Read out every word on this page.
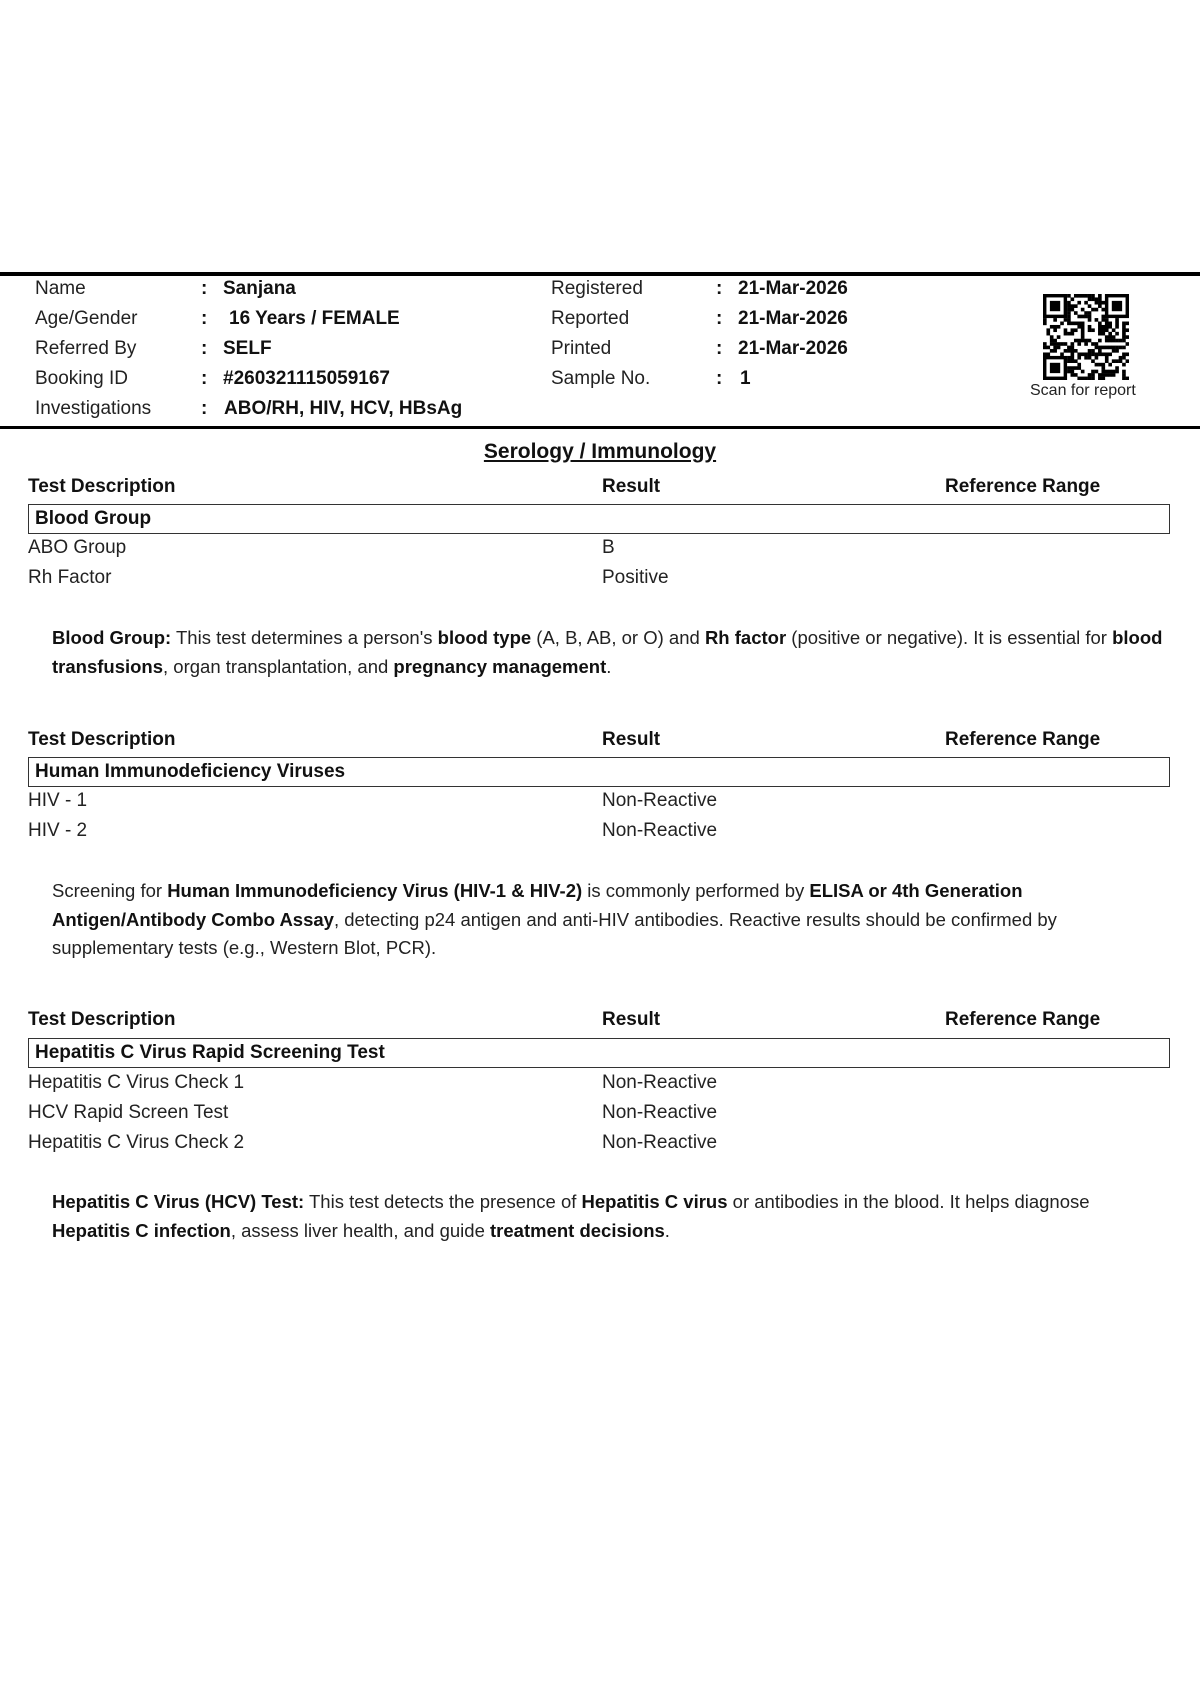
Name	: Sanjana
Age/Gender	: 16 Years / FEMALE
Referred By	: SELF
Booking ID	: #260321115059167
Investigations	: ABO/RH, HIV, HCV, HBsAg
Registered	: 21-Mar-2026
Reported	: 21-Mar-2026
Printed	: 21-Mar-2026
Sample No.	: 1
Scan for report
Serology / Immunology
Test Description	Result	Reference Range
Blood Group
ABO Group	B
Rh Factor	Positive
Blood Group: This test determines a person's blood type (A, B, AB, or O) and Rh factor (positive or negative). It is essential for blood transfusions, organ transplantation, and pregnancy management.
Test Description	Result	Reference Range
Human Immunodeficiency Viruses
HIV - 1	Non-Reactive
HIV - 2	Non-Reactive
Screening for Human Immunodeficiency Virus (HIV-1 & HIV-2) is commonly performed by ELISA or 4th Generation Antigen/Antibody Combo Assay, detecting p24 antigen and anti-HIV antibodies. Reactive results should be confirmed by supplementary tests (e.g., Western Blot, PCR).
Test Description	Result	Reference Range
Hepatitis C Virus Rapid Screening Test
Hepatitis C Virus Check 1	Non-Reactive
HCV Rapid Screen Test	Non-Reactive
Hepatitis C Virus Check 2	Non-Reactive
Hepatitis C Virus (HCV) Test: This test detects the presence of Hepatitis C virus or antibodies in the blood. It helps diagnose Hepatitis C infection, assess liver health, and guide treatment decisions.
